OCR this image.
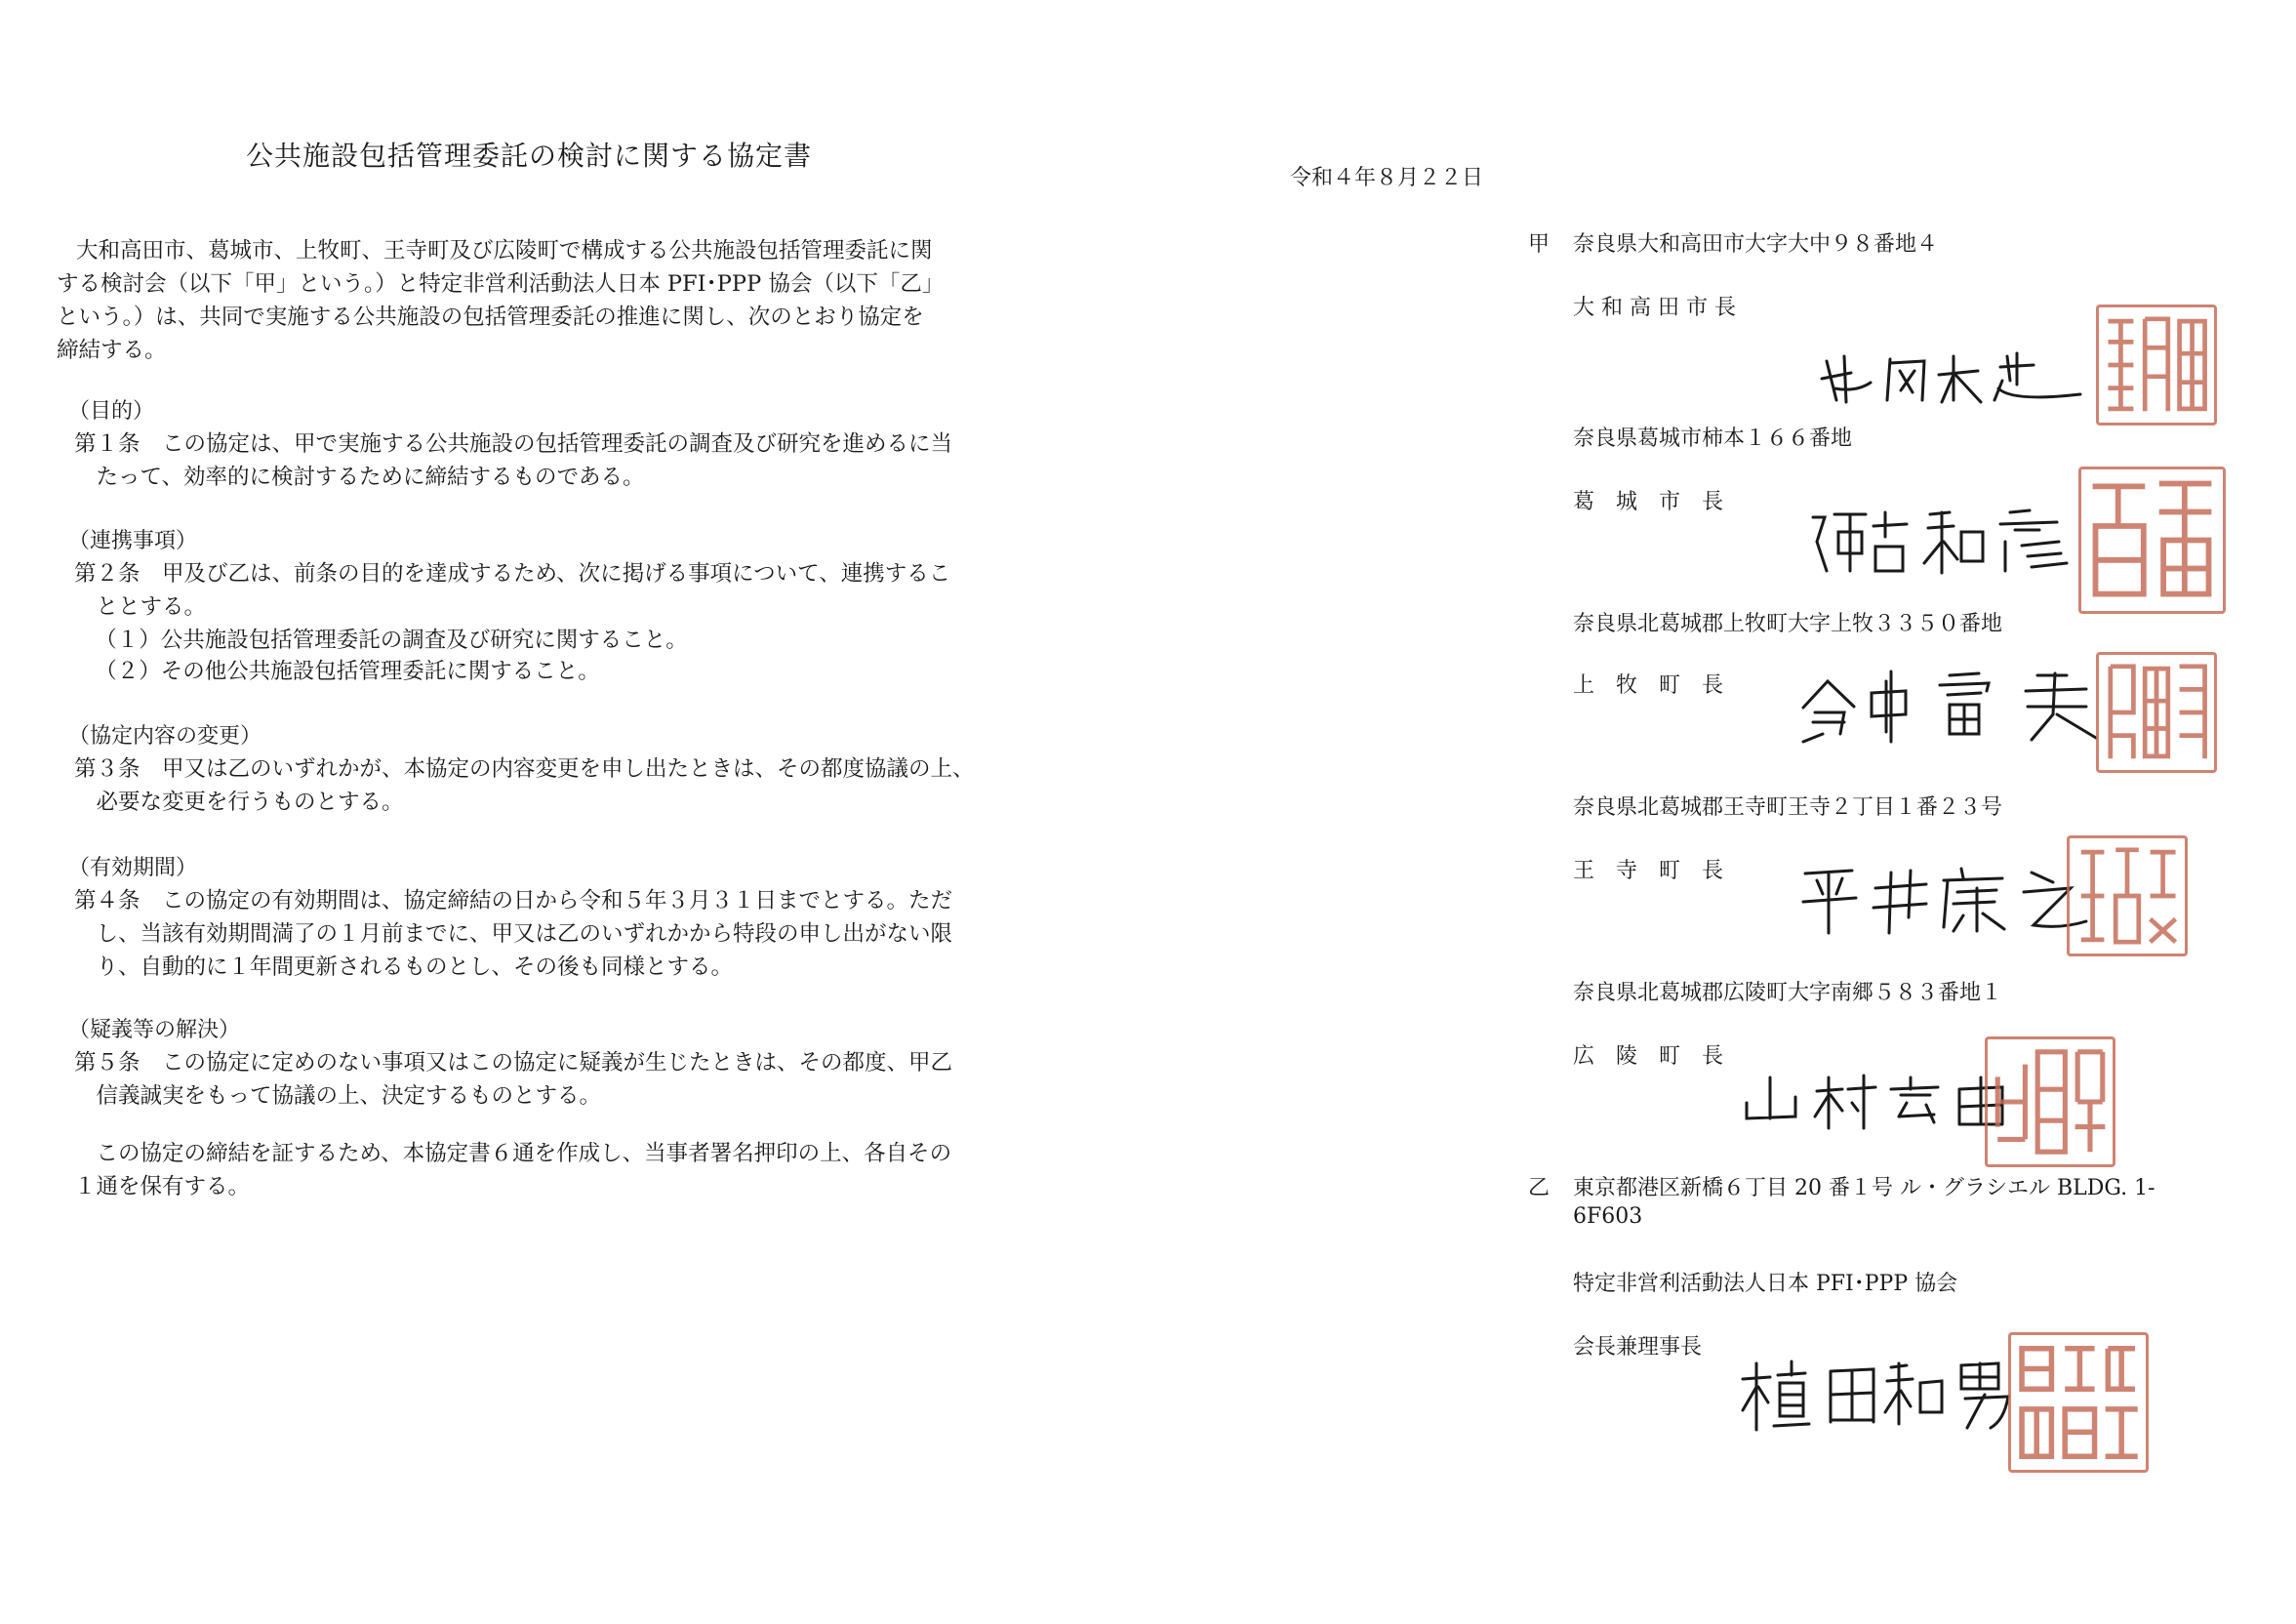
公共施設包括管理委託の検討に関する協定書
令和４年８月２２日

大和高田市、葛城市、上牧町、王寺町及び広陵町で構成する公共施設包括管理委託に関

する検討会（以下「甲」という。）と特定非営利活動法人日本 PFI･PPP 協会（以下「乙」

という。）は、共同で実施する公共施設の包括管理委託の推進に関し、次のとおり協定を

締結する。

（目的）
第１条　この協定は、甲で実施する公共施設の包括管理委託の調査及び研究を進めるに当
　たって、効率的に検討するために締結するものである。
（連携事項）
第２条　甲及び乙は、前条の目的を達成するため、次に掲げる事項について、連携するこ
　ととする。
　（１）公共施設包括管理委託の調査及び研究に関すること。
　（２）その他公共施設包括管理委託に関すること。
（協定内容の変更）
第３条　甲又は乙のいずれかが、本協定の内容変更を申し出たときは、その都度協議の上、
　必要な変更を行うものとする。
（有効期間）
第４条　この協定の有効期間は、協定締結の日から令和５年３月３１日までとする。ただ
　し、当該有効期間満了の１月前までに、甲又は乙のいずれかから特段の申し出がない限
　り、自動的に１年間更新されるものとし、その後も同様とする。
（疑義等の解決）
第５条　この協定に定めのない事項又はこの協定に疑義が生じたときは、その都度、甲乙
　信義誠実をもって協議の上、決定するものとする。
　この協定の締結を証するため、本協定書６通を作成し、当事者署名押印の上、各自その
１通を保有する。
甲 奈良県大和高田市大字大中９８番地４
大 和 高 田 市 長
奈良県葛城市柿本１６６番地
葛　城　市　長
奈良県北葛城郡上牧町大字上牧３３５０番地
上　牧　町　長
奈良県北葛城郡王寺町王寺２丁目１番２３号
王　寺　町　長
奈良県北葛城郡広陵町大字南郷５８３番地１
広　陵　町　長
乙 東京都港区新橋６丁目 20 番１号 ル・グラシエル BLDG. 1-
6F603
特定非営利活動法人日本 PFI･PPP 協会
会長兼理事長
